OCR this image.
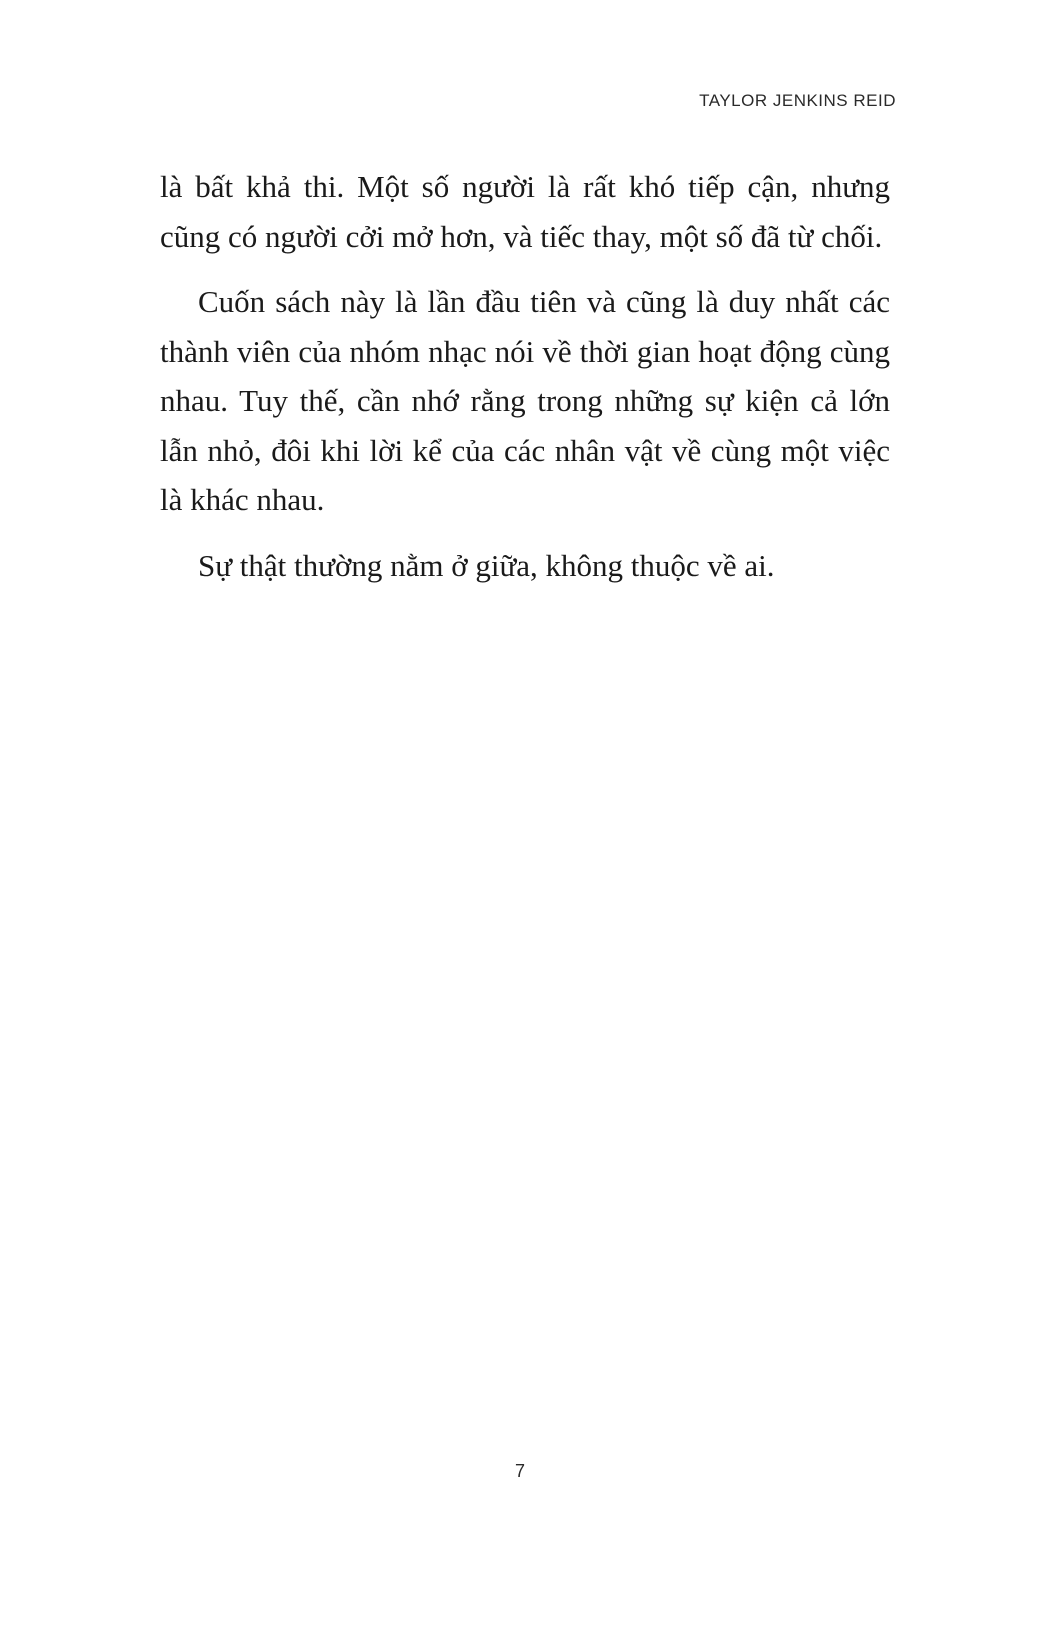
TAYLOR JENKINS REID

là bất khả thi. Một số người là rất khó tiếp cận, nhưng cũng có người cởi mở hơn, và tiếc thay, một số đã từ chối.

Cuốn sách này là lần đầu tiên và cũng là duy nhất các thành viên của nhóm nhạc nói về thời gian hoạt động cùng nhau. Tuy thế, cần nhớ rằng trong những sự kiện cả lớn lẫn nhỏ, đôi khi lời kể của các nhân vật về cùng một việc là khác nhau.

Sự thật thường nằm ở giữa, không thuộc về ai.

7
